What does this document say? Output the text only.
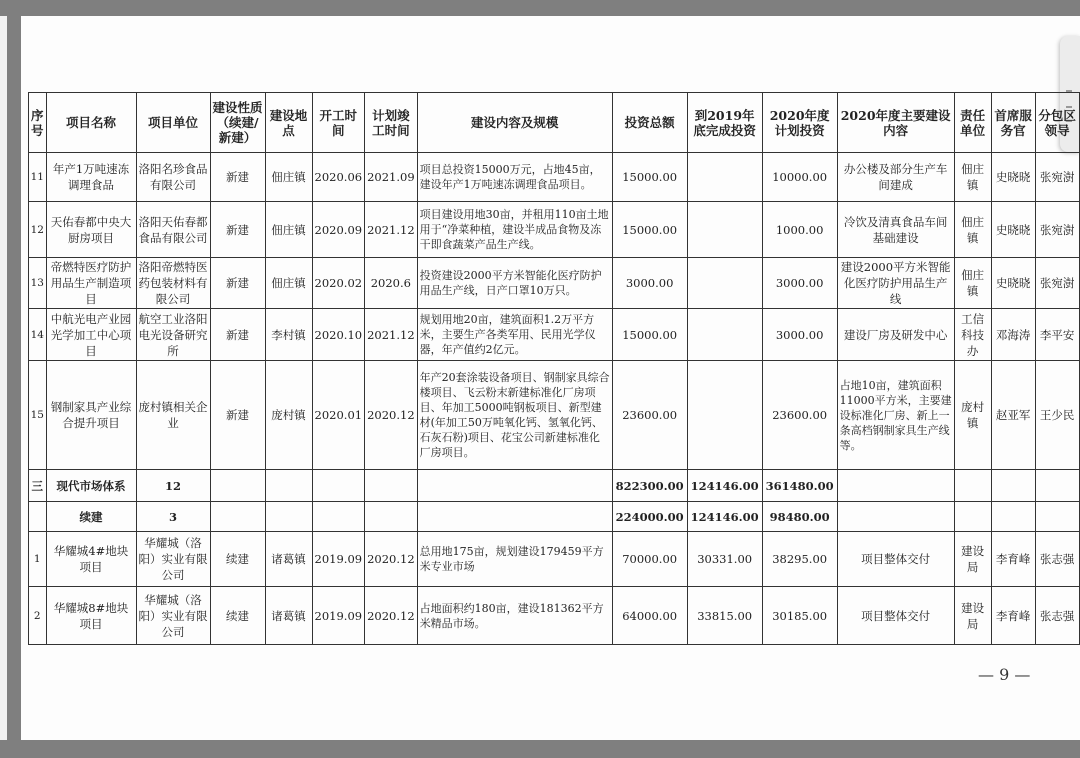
序号	项目名称	项目单位	建设性质（续建/新建）	建设地点	开工时间	计划竣工时间	建设内容及规模	投资总额	到2019年底完成投资	2020年度计划投资	2020年度主要建设内容	责任单位	首席服务官	分包区领导
11	年产1万吨速冻调理食品	洛阳名珍食品有限公司	新建	佃庄镇	2020.06	2021.09	项目总投资15000万元，占地45亩，建设年产1万吨速冻调理食品项目。	15000.00		10000.00	办公楼及部分生产车间建成	佃庄镇	史晓晓	张宛澍
12	天佑春都中央大厨房项目	洛阳天佑春都食品有限公司	新建	佃庄镇	2020.09	2021.12	项目建设用地30亩，并租用110亩土地用于“净菜种植，建设半成品食物及冻干即食蔬菜产品生产线。	15000.00		1000.00	冷饮及清真食品车间基础建设	佃庄镇	史晓晓	张宛澍
13	帝燃特医疗防护用品生产制造项目	洛阳帝燃特医药包装材料有限公司	新建	佃庄镇	2020.02	2020.6	投资建设2000平方米智能化医疗防护用品生产线，日产口罩10万只。	3000.00		3000.00	建设2000平方米智能化医疗防护用品生产线	佃庄镇	史晓晓	张宛澍
14	中航光电产业园光学加工中心项目	航空工业洛阳电光设备研究所	新建	李村镇	2020.10	2021.12	规划用地20亩，建筑面积1.2万平方米，主要生产各类军用、民用光学仪器，年产值约2亿元。	15000.00		3000.00	建设厂房及研发中心	工信科技办	邓海涛	李平安
15	钢制家具产业综合提升项目	庞村镇相关企业	新建	庞村镇	2020.01	2020.12	年产20套涂装设备项目、钢制家具综合楼项目、飞云粉末新建标准化厂房项目、年加工5000吨钢板项目、新型建材(年加工50万吨氧化钙、氢氧化钙、石灰石粉)项目、花宝公司新建标准化厂房项目。	23600.00		23600.00	占地10亩，建筑面积11000平方米，主要建设标准化厂房、新上一条高档钢制家具生产线等。	庞村镇	赵亚军	王少民
三	现代市场体系	12						822300.00	124146.00	361480.00				
	续建	3						224000.00	124146.00	98480.00				
1	华耀城4#地块项目	华耀城（洛阳）实业有限公司	续建	诸葛镇	2019.09	2020.12	总用地175亩，规划建设179459平方米专业市场	70000.00	30331.00	38295.00	项目整体交付	建设局	李育峰	张志强
2	华耀城8#地块项目	华耀城（洛阳）实业有限公司	续建	诸葛镇	2019.09	2020.12	占地面积约180亩，建设181362平方米精品市场。	64000.00	33815.00	30185.00	项目整体交付	建设局	李育峰	张志强
— 9 —
